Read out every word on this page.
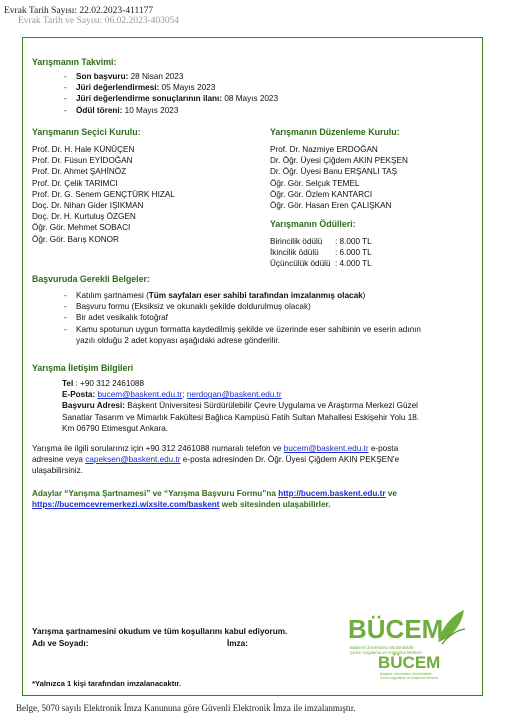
Evrak Tarih ve Sayısı: 06.02.2023-403054
Evrak Tarih Sayısı: 22.02.2023-411177
Belge, 5070 sayılı Elektronik İmza Kanununa göre Güvenli Elektronik İmza ile imzalanmıştır.
Yarışmanın Takvimi:
- Son başvuru: 28 Nisan 2023
- Jüri değerlendirmesi: 05 Mayıs 2023
- Jüri değerlendirme sonuçlarının ilanı: 08 Mayıs 2023
- Ödül töreni: 10 Mayıs 2023
Yarışmanın Seçici Kurulu:
Prof. Dr. H. Hale KÜNÜÇEN
Prof. Dr. Füsun EYİDOĞAN
Prof. Dr. Ahmet ŞAHİNÖZ
Prof. Dr. Çelik TARIMCI
Prof. Dr. G. Senem GENÇTÜRK HIZAL
Doç. Dr. Nihan Gider IŞIKMAN
Doç. Dr. H. Kurtuluş ÖZGEN
Öğr. Gör. Mehmet SOBACI
Öğr. Gör. Barış KONOR
Yarışmanın Düzenleme Kurulu:
Prof. Dr. Nazmiye ERDOĞAN
Dr. Öğr. Üyesi Çiğdem AKIN PEKŞEN
Dr. Öğr. Üyesi Banu ERŞANLI TAŞ
Öğr. Gör. Selçuk TEMEL
Öğr. Gör. Özlem KANTARCI
Öğr. Gör. Hasan Eren ÇALIŞKAN
Yarışmanın Ödülleri:
Birincilik ödülü : 8.000 TL
İkincilik ödülü : 6.000 TL
Üçüncülük ödülü : 4.000 TL
Başvuruda Gerekli Belgeler:
- Katılım şartnamesi (Tüm sayfaları eser sahibi tarafından imzalanmış olacak)
- Başvuru formu (Eksiksiz ve okunaklı şekilde doldurulmuş olacak)
- Bir adet vesikalık fotoğraf
- Kamu spotunun uygun formatta kaydedilmiş şekilde ve üzerinde eser sahibinin ve eserin adının
yazılı olduğu 2 adet kopyası aşağıdaki adrese gönderilir.
Yarışma İletişim Bilgileri
Tel : +90 312 2461088
E-Posta: bucem@baskent.edu.tr; nerdogan@baskent.edu.tr
Başvuru Adresi: Başkent Üniversitesi Sürdürülebilir Çevre Uygulama ve Araştırma Merkezi Güzel
Sanatlar Tasarım ve Mimarlık Fakültesi Bağlıca Kampüsü Fatih Sultan Mahallesi Eskişehir Yolu 18.
Km 06790 Etimesgut Ankara.
Yarışma ile ilgili sorularınız için +90 312 2461088 numaralı telefon ve bucem@baskent.edu.tr e-posta
adresine veya capeksen@baskent.edu.tr e-posta adresinden Dr. Öğr. Üyesi Çiğdem AKIN PEKŞEN'e
ulaşabilirsiniz.
Adaylar “Yarışma Şartnamesi” ve “Yarışma Başvuru Formu”na http://bucem.baskent.edu.tr ve
https://bucemcevremerkezi.wixsite.com/baskent web sitesinden ulaşabilirler.
Yarışma şartnamesini okudum ve tüm koşullarını kabul ediyorum.
Adı ve Soyadı:	İmza:
*Yalnızca 1 kişi tarafından imzalanacaktır.
BÜCEM
Başkent Üniversitesi Sürdürülebilir
Çevre Uygulama ve Araştırma Merkezi
BÜCEM
Başkent Üniversitesi Sürdürülebilir
Çevre Uygulama ve Araştırma Merkezi
